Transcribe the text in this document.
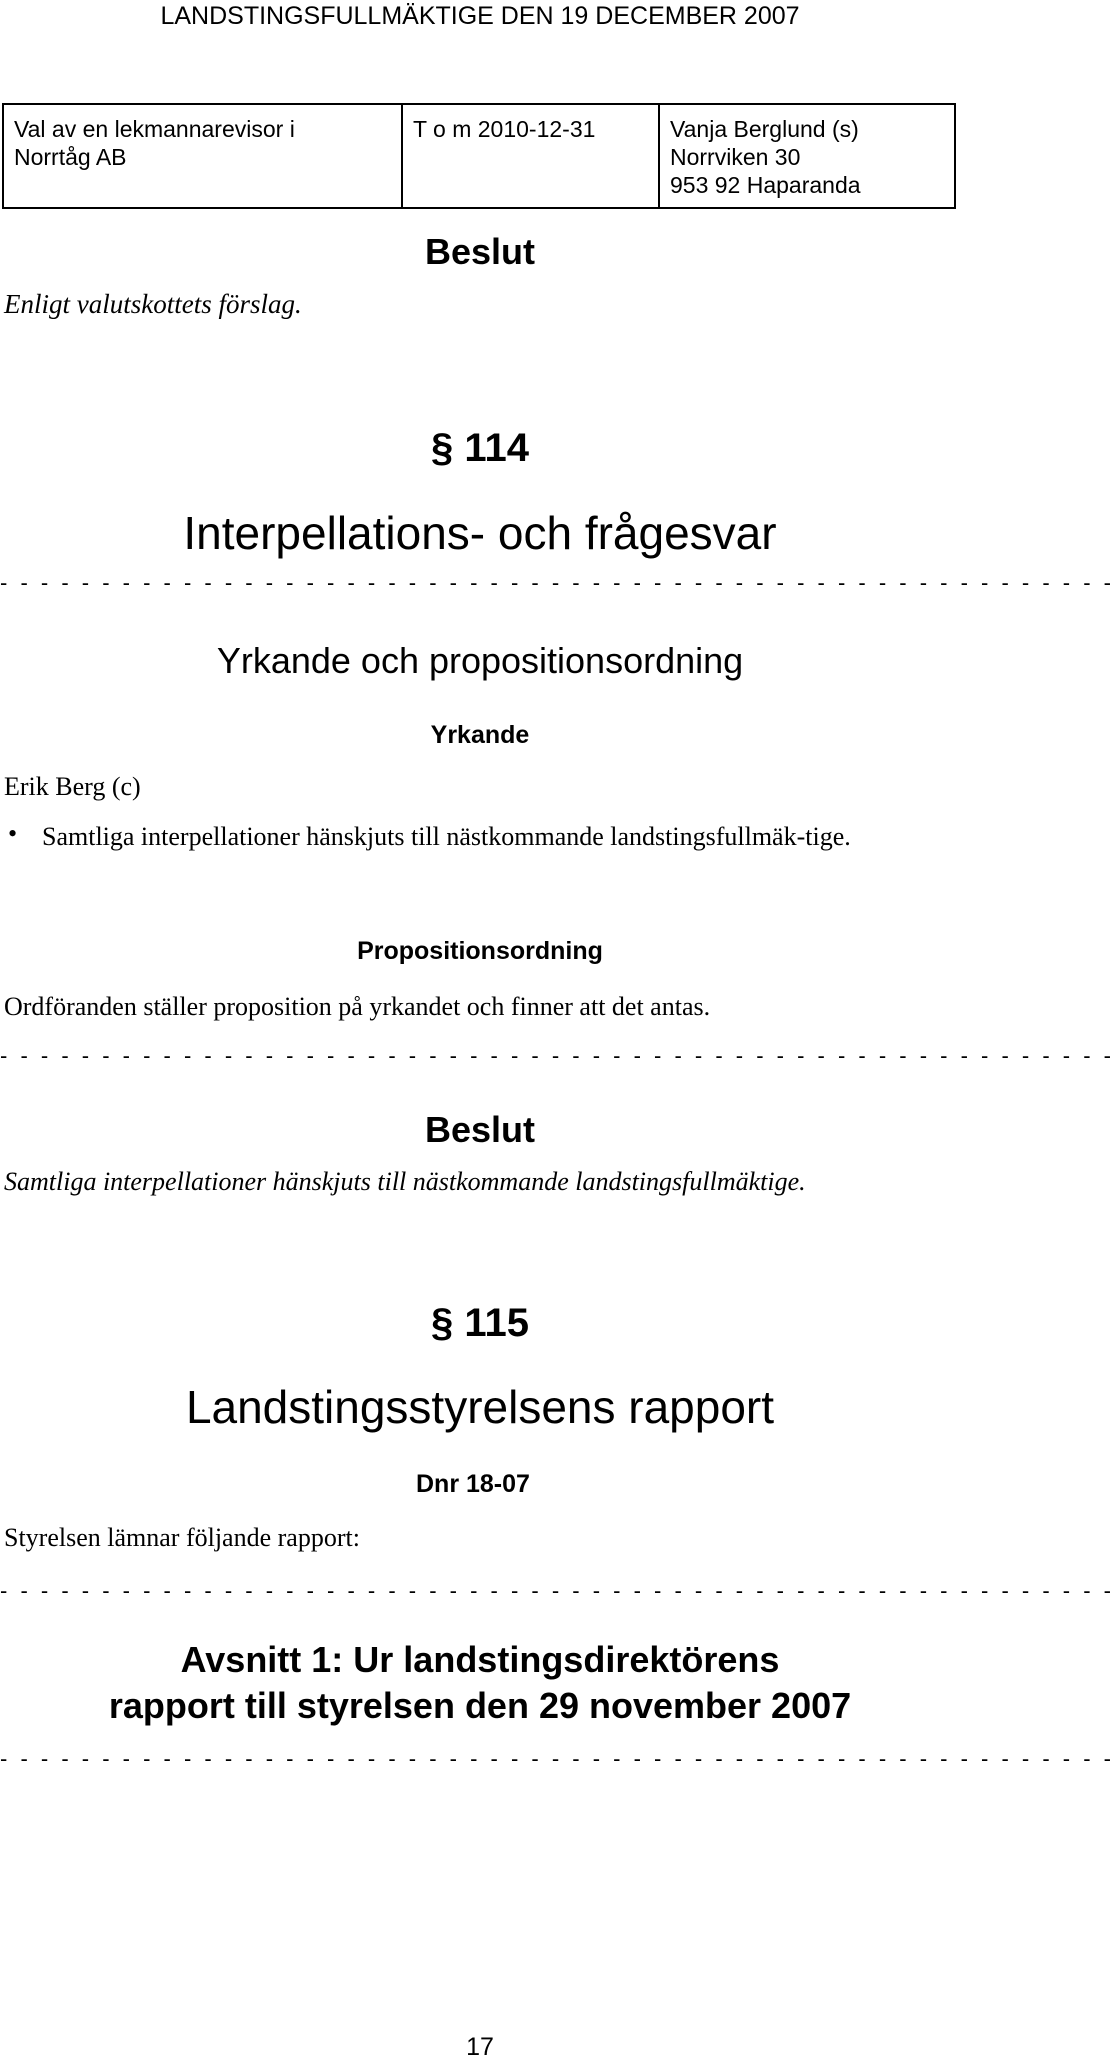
LANDSTINGSFULLMÄKTIGE DEN 19 DECEMBER 2007
Val av en lekmannarevisor i
Norrtåg AB
T o m 2010-12-31	Vanja Berglund (s)
Norrviken 30
953 92 Haparanda
Beslut
Enligt valutskottets förslag.
§ 114
Interpellations- och frågesvar
- - - - - - - - - - - - - - - - - - - - - - - - - - - - - - - - - - - - - - - - - - - - - - - - - - - - - - -
Yrkande och propositionsordning
Yrkande
Erik Berg (c)
• Samtliga interpellationer hänskjuts till nästkommande landstingsfullmäk-tige.
Propositionsordning
Ordföranden ställer proposition på yrkandet och finner att det antas.
- - - - - - - - - - - - - - - - - - - - - - - - - - - - - - - - - - - - - - - - - - - - - - - - - - - - - - -
Beslut
Samtliga interpellationer hänskjuts till nästkommande landstingsfullmäktige.
§ 115
Landstingsstyrelsens rapport
Dnr 18-07
Styrelsen lämnar följande rapport:
- - - - - - - - - - - - - - - - - - - - - - - - - - - - - - - - - - - - - - - - - - - - - - - - - - - - - - -
Avsnitt 1: Ur landstingsdirektörens
rapport till styrelsen den 29 november 2007
- - - - - - - - - - - - - - - - - - - - - - - - - - - - - - - - - - - - - - - - - - - - - - - - - - - - - - -
17
